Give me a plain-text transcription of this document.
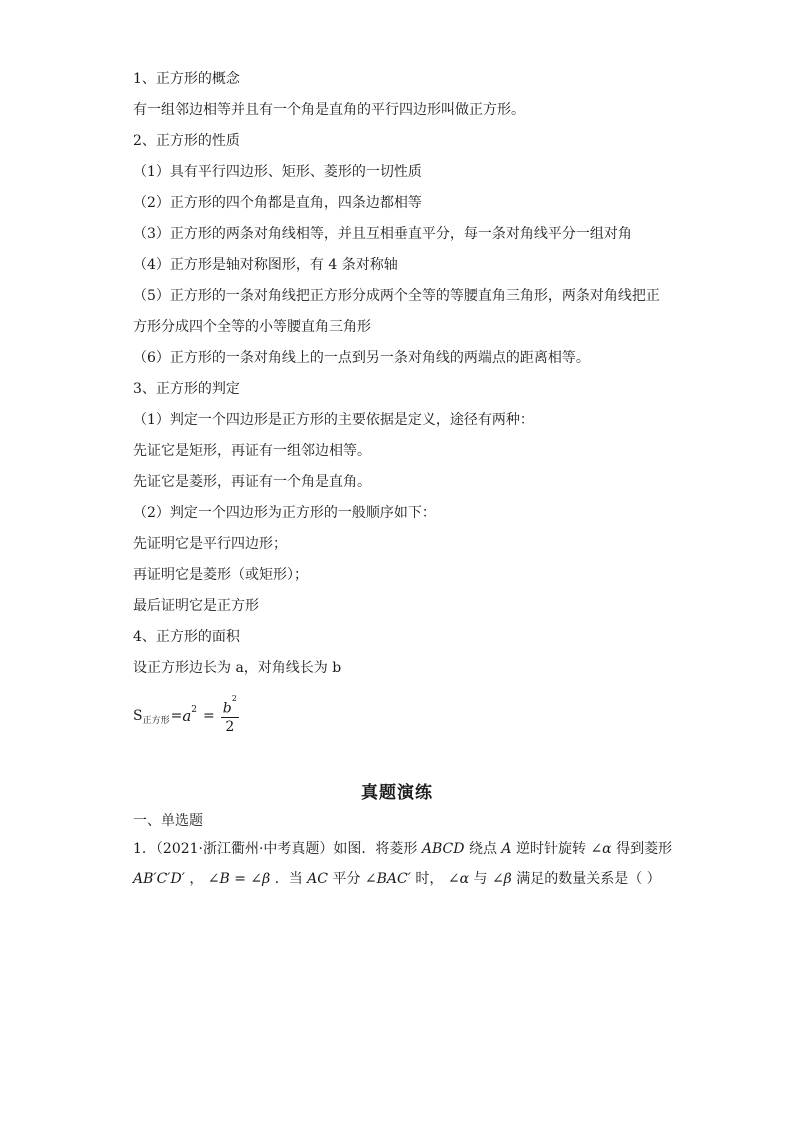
1、正方形的概念
有一组邻边相等并且有一个角是直角的平行四边形叫做正方形。
2、正方形的性质
（1）具有平行四边形、矩形、菱形的一切性质
（2）正方形的四个角都是直角，四条边都相等
（3）正方形的两条对角线相等，并且互相垂直平分，每一条对角线平分一组对角
（4）正方形是轴对称图形，有 4 条对称轴
（5）正方形的一条对角线把正方形分成两个全等的等腰直角三角形，两条对角线把正
方形分成四个全等的小等腰直角三角形
（6）正方形的一条对角线上的一点到另一条对角线的两端点的距离相等。
3、正方形的判定
（1）判定一个四边形是正方形的主要依据是定义，途径有两种：
先证它是矩形，再证有一组邻边相等。
先证它是菱形，再证有一个角是直角。
（2）判定一个四边形为正方形的一般顺序如下：
先证明它是平行四边形；
再证明它是菱形（或矩形）；
最后证明它是正方形
4、正方形的面积
设正方形边长为 a，对角线长为 b
S 正方形 = $a^2 = \frac{b^2}{2}$
真题演练
一、单选题
1．（2021·浙江衢州·中考真题）如图．将菱形 ABCD 绕点 A 逆时针旋转 ∠α 得到菱形
AB′C′D′ ， ∠B = ∠β ．当 AC 平分 ∠BAC′ 时， ∠α 与 ∠β 满足的数量关系是（ ）
